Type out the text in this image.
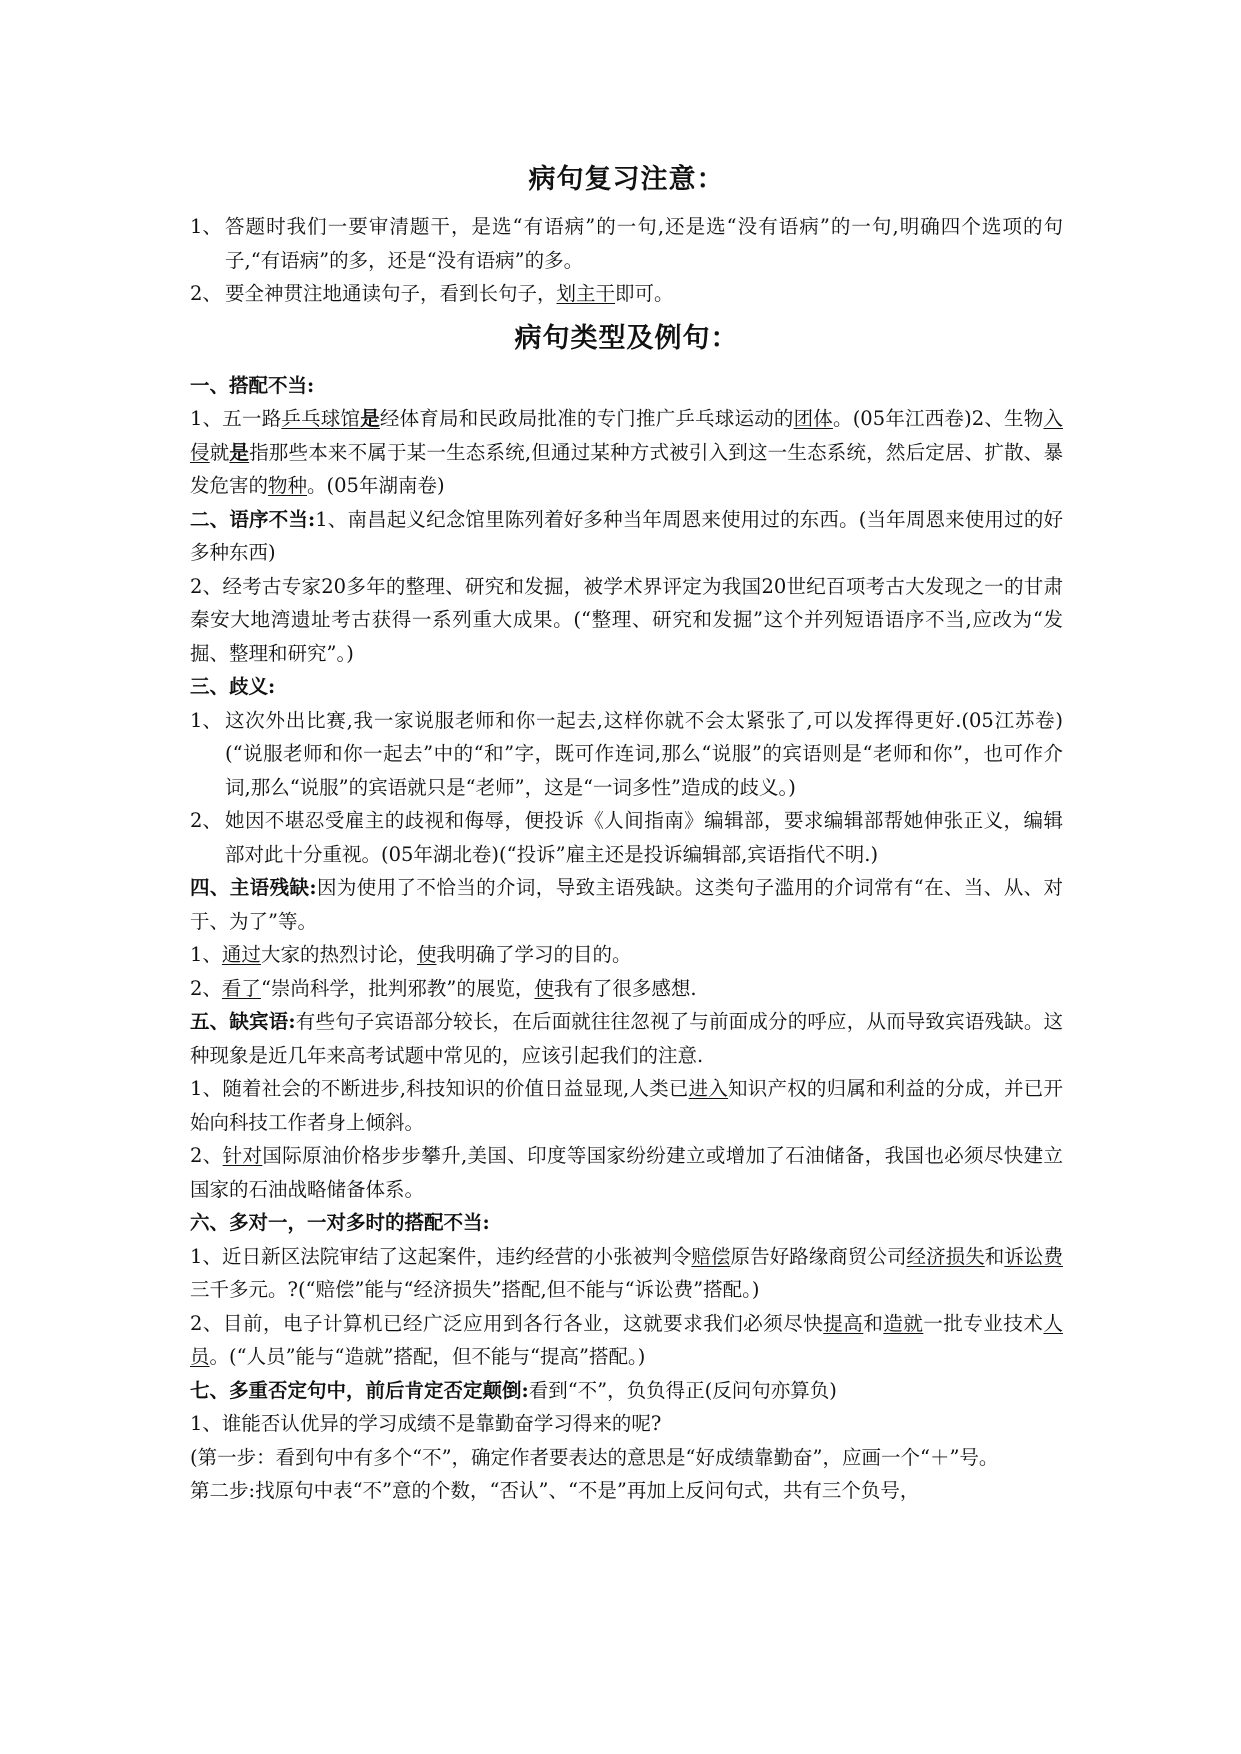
病句复习注意：
1、 答题时我们一要审清题干，是选“有语病”的一句,还是选“没有语病”的一句,明确四个选项的句子,“有语病”的多，还是“没有语病”的多。
2、 要全神贯注地通读句子，看到长句子，划主干即可。
病句类型及例句：

一、搭配不当:

1、五一路乒乓球馆是经体育局和民政局批准的专门推广乒乓球运动的团体。(05年江西卷)2、生物入侵就是指那些本来不属于某一生态系统,但通过某种方式被引入到这一生态系统，然后定居、扩散、暴发危害的物种。(05年湖南卷)

二、语序不当:1、南昌起义纪念馆里陈列着好多种当年周恩来使用过的东西。(当年周恩来使用过的好多种东西)

2、经考古专家20多年的整理、研究和发掘，被学术界评定为我国20世纪百项考古大发现之一的甘肃秦安大地湾遗址考古获得一系列重大成果。(“整理、研究和发掘”这个并列短语语序不当,应改为“发掘、整理和研究”。)

三、歧义:

1、 这次外出比赛,我一家说服老师和你一起去,这样你就不会太紧张了,可以发挥得更好.(05江苏卷)　(“说服老师和你一起去”中的“和”字，既可作连词,那么“说服”的宾语则是“老师和你”，也可作介词,那么“说服”的宾语就只是“老师”，这是“一词多性”造成的歧义。)
2、 她因不堪忍受雇主的歧视和侮辱，便投诉《人间指南》编辑部，要求编辑部帮她伸张正义，编辑部对此十分重视。(05年湖北卷)(“投诉”雇主还是投诉编辑部,宾语指代不明.)

四、主语残缺:因为使用了不恰当的介词，导致主语残缺。这类句子滥用的介词常有“在、当、从、对于、为了”等。

1、通过大家的热烈讨论，使我明确了学习的目的。

2、看了“崇尚科学，批判邪教”的展览，使我有了很多感想.

五、缺宾语:有些句子宾语部分较长，在后面就往往忽视了与前面成分的呼应，从而导致宾语残缺。这种现象是近几年来高考试题中常见的，应该引起我们的注意.

1、随着社会的不断进步,科技知识的价值日益显现,人类已进入知识产权的归属和利益的分成，并已开始向科技工作者身上倾斜。

2、针对国际原油价格步步攀升,美国、印度等国家纷纷建立或增加了石油储备，我国也必须尽快建立国家的石油战略储备体系。

六、多对一，一对多时的搭配不当:

1、近日新区法院审结了这起案件，违约经营的小张被判令赔偿原告好路缘商贸公司经济损失和诉讼费三千多元。?(“赔偿”能与“经济损失”搭配,但不能与“诉讼费”搭配。)

2、目前，电子计算机已经广泛应用到各行各业，这就要求我们必须尽快提高和造就一批专业技术人员。(“人员”能与“造就”搭配，但不能与“提高”搭配。)

七、多重否定句中，前后肯定否定颠倒:看到“不”，负负得正(反问句亦算负)

1、谁能否认优异的学习成绩不是靠勤奋学习得来的呢?

(第一步：看到句中有多个“不”，确定作者要表达的意思是“好成绩靠勤奋”，应画一个“＋”号。

第二步:找原句中表“不”意的个数，“否认”、“不是”再加上反问句式，共有三个负号，
